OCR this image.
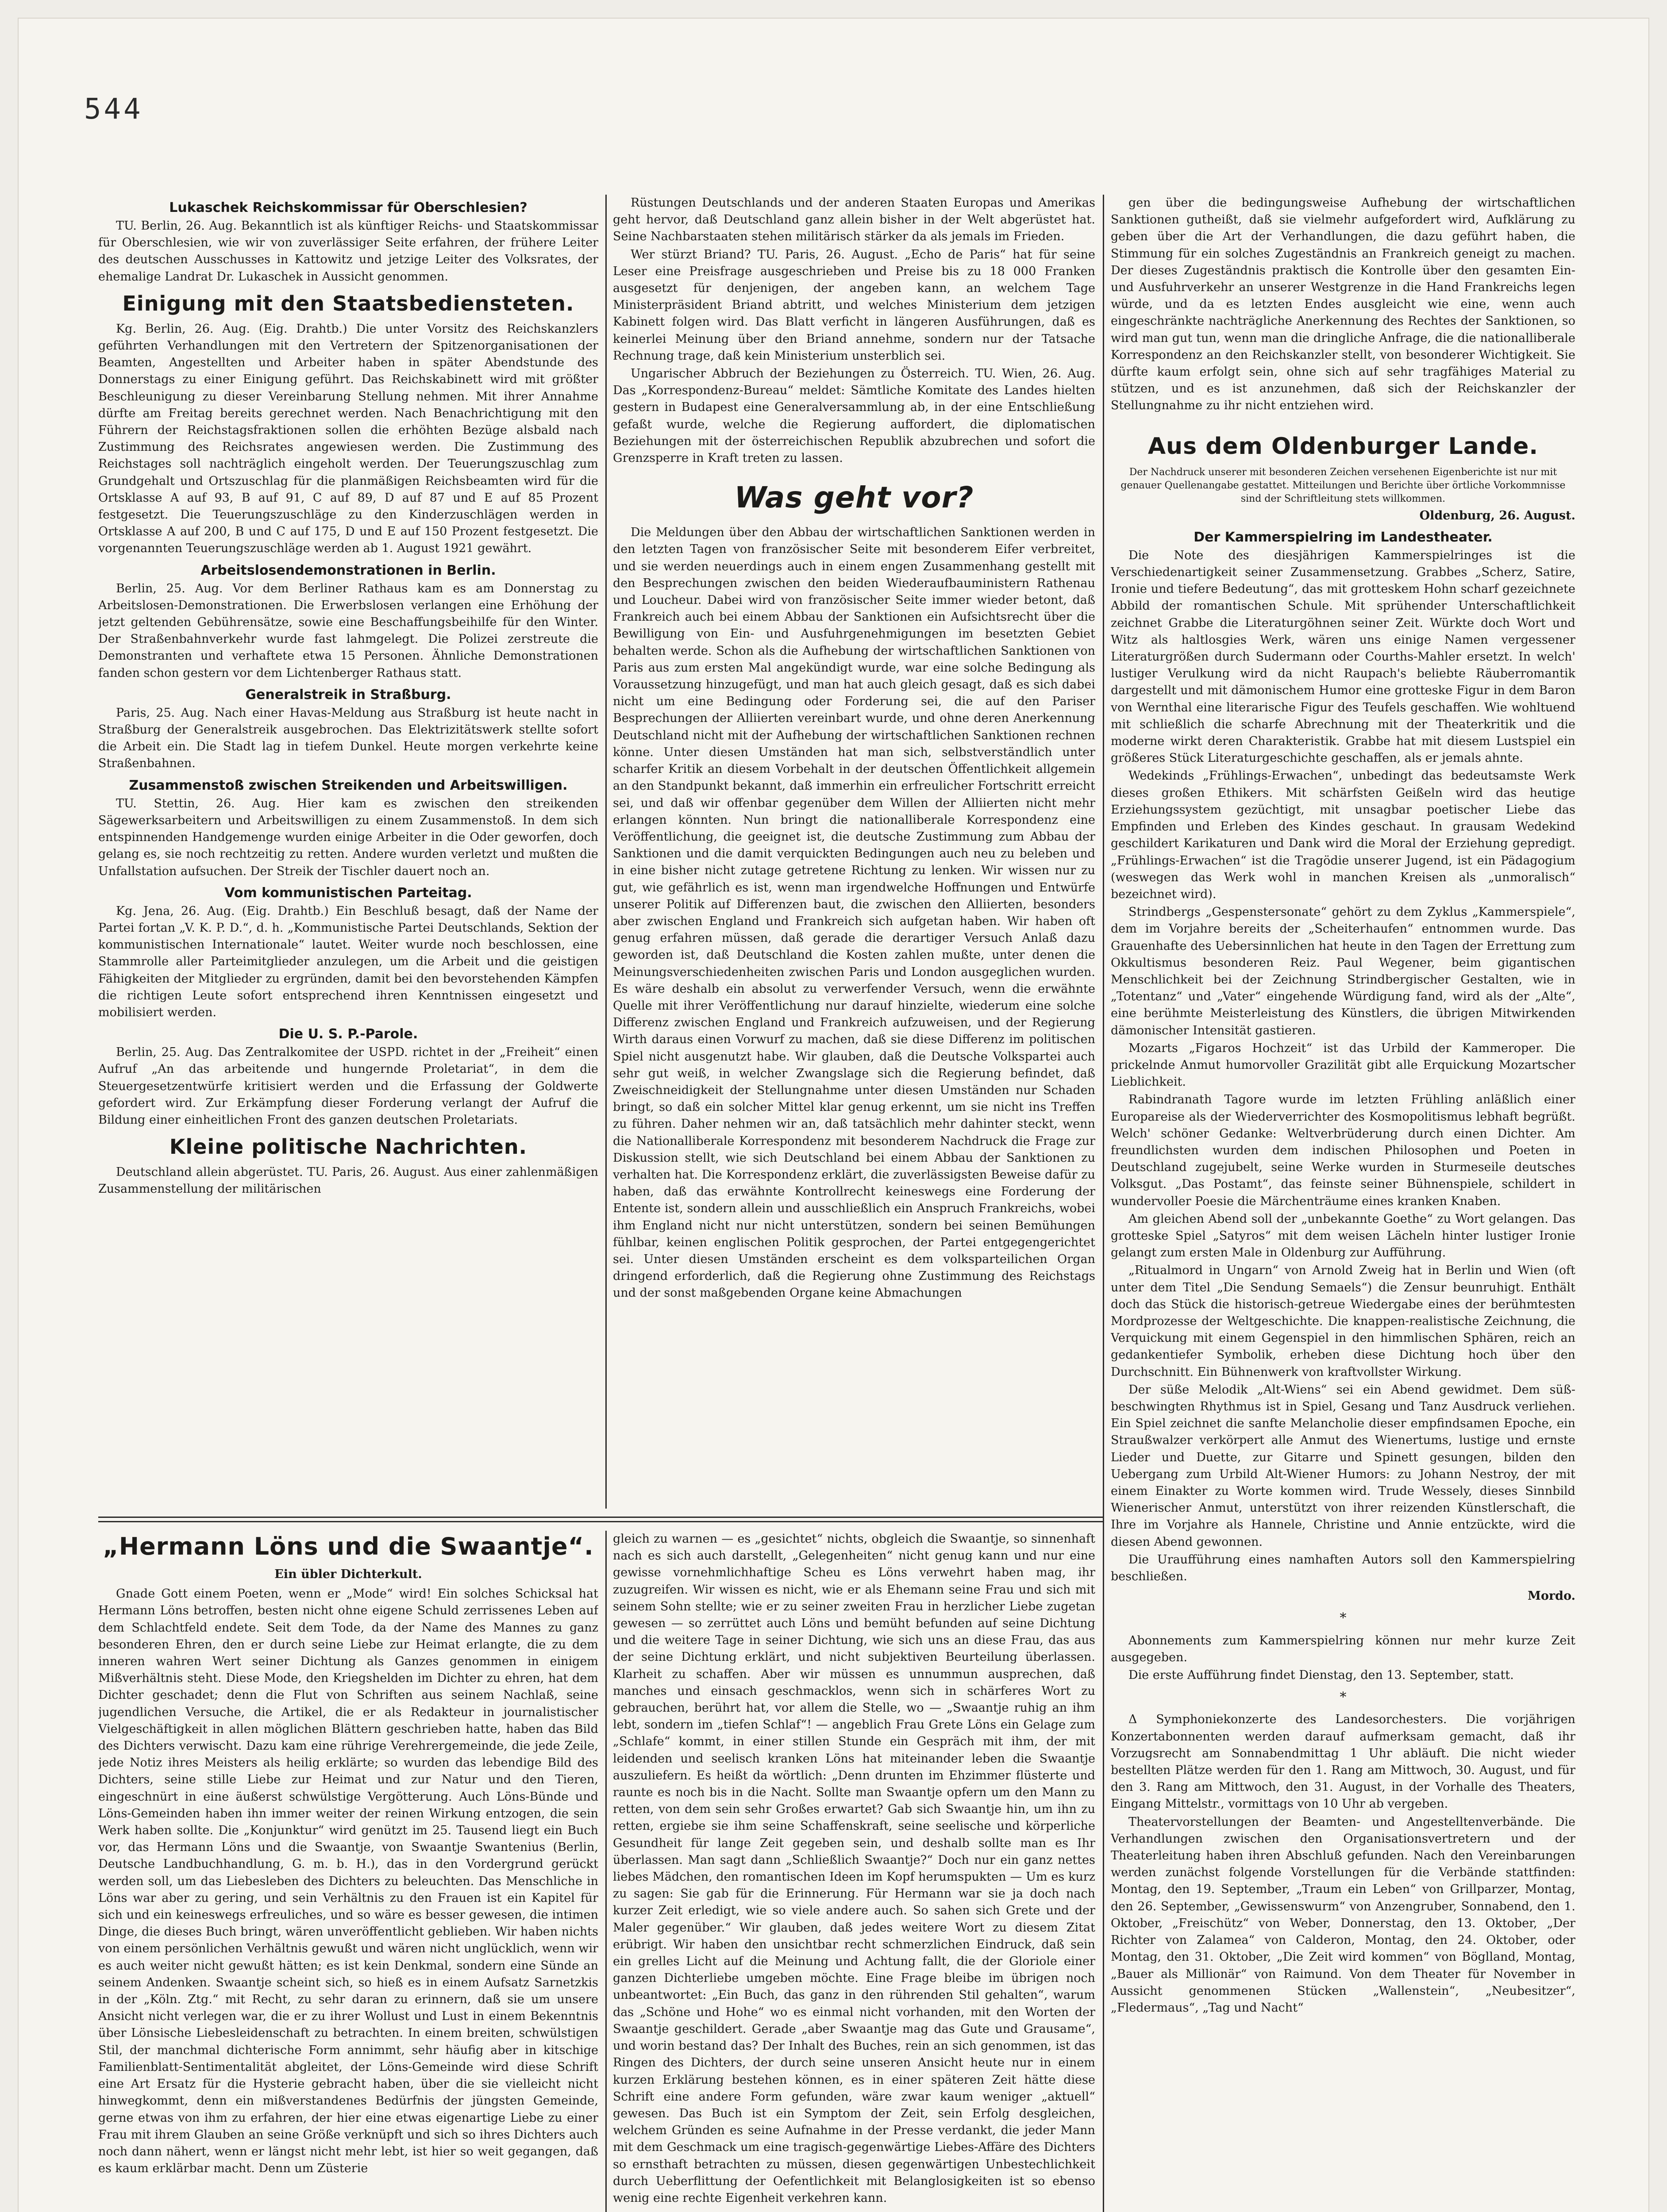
544
Lukaschek Reichskommissar für Oberschlesien?

TU. Berlin, 26. Aug. Bekanntlich ist als künftiger Reichs- und Staatskommissar für Oberschlesien, wie wir von zuverlässiger Seite erfahren, der frühere Leiter des deutschen Ausschusses in Kattowitz und jetzige Leiter des Volksrates, der ehemalige Landrat Dr. Lukaschek in Aussicht genommen.

Einigung mit den Staatsbediensteten.

Kg. Berlin, 26. Aug. (Eig. Drahtb.) Die unter Vorsitz des Reichskanzlers geführten Verhandlungen mit den Vertretern der Spitzenorganisationen der Beamten, Angestellten und Arbeiter haben in später Abendstunde des Donnerstags zu einer Einigung geführt. Das Reichskabinett wird mit größter Beschleunigung zu dieser Vereinbarung Stellung nehmen. Mit ihrer Annahme dürfte am Freitag bereits gerechnet werden. Nach Benachrichtigung mit den Führern der Reichstagsfraktionen sollen die erhöhten Bezüge alsbald nach Zustimmung des Reichsrates angewiesen werden. Die Zustimmung des Reichstages soll nachträglich eingeholt werden. Der Teuerungszuschlag zum Grundgehalt und Ortszuschlag für die planmäßigen Reichsbeamten wird für die Ortsklasse A auf 93, B auf 91, C auf 89, D auf 87 und E auf 85 Prozent festgesetzt. Die Teuerungszuschläge zu den Kinderzuschlägen werden in Ortsklasse A auf 200, B und C auf 175, D und E auf 150 Prozent festgesetzt. Die vorgenannten Teuerungszuschläge werden ab 1. August 1921 gewährt.

Arbeitslosendemonstrationen in Berlin.

Berlin, 25. Aug. Vor dem Berliner Rathaus kam es am Donnerstag zu Arbeitslosen-Demonstrationen. Die Erwerbslosen verlangen eine Erhöhung der jetzt geltenden Gebührensätze, sowie eine Beschaffungsbeihilfe für den Winter. Der Straßenbahnverkehr wurde fast lahmgelegt. Die Polizei zerstreute die Demonstranten und verhaftete etwa 15 Personen. Ähnliche Demonstrationen fanden schon gestern vor dem Lichtenberger Rathaus statt.

Generalstreik in Straßburg.

Paris, 25. Aug. Nach einer Havas-Meldung aus Straßburg ist heute nacht in Straßburg der Generalstreik ausgebrochen. Das Elektrizitätswerk stellte sofort die Arbeit ein. Die Stadt lag in tiefem Dunkel. Heute morgen verkehrte keine Straßenbahnen.

Zusammenstoß zwischen Streikenden und Arbeitswilligen.

TU. Stettin, 26. Aug. Hier kam es zwischen den streikenden Sägewerksarbeitern und Arbeitswilligen zu einem Zusammenstoß. In dem sich entspinnenden Handgemenge wurden einige Arbeiter in die Oder geworfen, doch gelang es, sie noch rechtzeitig zu retten. Andere wurden verletzt und mußten die Unfallstation aufsuchen. Der Streik der Tischler dauert noch an.

Vom kommunistischen Parteitag.

Kg. Jena, 26. Aug. (Eig. Drahtb.) Ein Beschluß besagt, daß der Name der Partei fortan „V. K. P. D.“, d. h. „Kommunistische Partei Deutschlands, Sektion der kommunistischen Internationale“ lautet. Weiter wurde noch beschlossen, eine Stammrolle aller Parteimitglieder anzulegen, um die Arbeit und die geistigen Fähigkeiten der Mitglieder zu ergründen, damit bei den bevorstehenden Kämpfen die richtigen Leute sofort entsprechend ihren Kenntnissen eingesetzt und mobilisiert werden.

Die U. S. P.-Parole.

Berlin, 25. Aug. Das Zentralkomitee der USPD. richtet in der „Freiheit“ einen Aufruf „An das arbeitende und hungernde Proletariat“, in dem die Steuergesetzentwürfe kritisiert werden und die Erfassung der Goldwerte gefordert wird. Zur Erkämpfung dieser Forderung verlangt der Aufruf die Bildung einer einheitlichen Front des ganzen deutschen Proletariats.

Kleine politische Nachrichten.

Deutschland allein abgerüstet. TU. Paris, 26. August. Aus einer zahlenmäßigen Zusammenstellung der militärischen

Rüstungen Deutschlands und der anderen Staaten Europas und Amerikas geht hervor, daß Deutschland ganz allein bisher in der Welt abgerüstet hat. Seine Nachbarstaaten stehen militärisch stärker da als jemals im Frieden.

Wer stürzt Briand? TU. Paris, 26. August. „Echo de Paris“ hat für seine Leser eine Preisfrage ausgeschrieben und Preise bis zu 18 000 Franken ausgesetzt für denjenigen, der angeben kann, an welchem Tage Ministerpräsident Briand abtritt, und welches Ministerium dem jetzigen Kabinett folgen wird. Das Blatt verficht in längeren Ausführungen, daß es keinerlei Meinung über den Briand annehme, sondern nur der Tatsache Rechnung trage, daß kein Ministerium unsterblich sei.

Ungarischer Abbruch der Beziehungen zu Österreich. TU. Wien, 26. Aug. Das „Korrespondenz-Bureau“ meldet: Sämtliche Komitate des Landes hielten gestern in Budapest eine Generalversammlung ab, in der eine Entschließung gefaßt wurde, welche die Regierung auffordert, die diplomatischen Beziehungen mit der österreichischen Republik abzubrechen und sofort die Grenzsperre in Kraft treten zu lassen.

Was geht vor?

Die Meldungen über den Abbau der wirtschaftlichen Sanktionen werden in den letzten Tagen von französischer Seite mit besonderem Eifer verbreitet, und sie werden neuerdings auch in einem engen Zusammenhang gestellt mit den Besprechungen zwischen den beiden Wiederaufbauministern Rathenau und Loucheur. Dabei wird von französischer Seite immer wieder betont, daß Frankreich auch bei einem Abbau der Sanktionen ein Aufsichtsrecht über die Bewilligung von Ein- und Ausfuhrgenehmigungen im besetzten Gebiet behalten werde. Schon als die Aufhebung der wirtschaftlichen Sanktionen von Paris aus zum ersten Mal angekündigt wurde, war eine solche Bedingung als Voraussetzung hinzugefügt, und man hat auch gleich gesagt, daß es sich dabei nicht um eine Bedingung oder Forderung sei, die auf den Pariser Besprechungen der Alliierten vereinbart wurde, und ohne deren Anerkennung Deutschland nicht mit der Aufhebung der wirtschaftlichen Sanktionen rechnen könne. Unter diesen Umständen hat man sich, selbstverständlich unter scharfer Kritik an diesem Vorbehalt in der deutschen Öffentlichkeit allgemein an den Standpunkt bekannt, daß immerhin ein erfreulicher Fortschritt erreicht sei, und daß wir offenbar gegenüber dem Willen der Alliierten nicht mehr erlangen könnten. Nun bringt die nationalliberale Korrespondenz eine Veröffentlichung, die geeignet ist, die deutsche Zustimmung zum Abbau der Sanktionen und die damit verquickten Bedingungen auch neu zu beleben und in eine bisher nicht zutage getretene Richtung zu lenken. Wir wissen nur zu gut, wie gefährlich es ist, wenn man irgendwelche Hoffnungen und Entwürfe unserer Politik auf Differenzen baut, die zwischen den Alliierten, besonders aber zwischen England und Frankreich sich aufgetan haben. Wir haben oft genug erfahren müssen, daß gerade die derartiger Versuch Anlaß dazu geworden ist, daß Deutschland die Kosten zahlen mußte, unter denen die Meinungsverschiedenheiten zwischen Paris und London ausgeglichen wurden. Es wäre deshalb ein absolut zu verwerfender Versuch, wenn die erwähnte Quelle mit ihrer Veröffentlichung nur darauf hinzielte, wiederum eine solche Differenz zwischen England und Frankreich aufzuweisen, und der Regierung Wirth daraus einen Vorwurf zu machen, daß sie diese Differenz im politischen Spiel nicht ausgenutzt habe. Wir glauben, daß die Deutsche Volkspartei auch sehr gut weiß, in welcher Zwangslage sich die Regierung befindet, daß Zweischneidigkeit der Stellungnahme unter diesen Umständen nur Schaden bringt, so daß ein solcher Mittel klar genug erkennt, um sie nicht ins Treffen zu führen. Daher nehmen wir an, daß tatsächlich mehr dahinter steckt, wenn die Nationalliberale Korrespondenz mit besonderem Nachdruck die Frage zur Diskussion stellt, wie sich Deutschland bei einem Abbau der Sanktionen zu verhalten hat. Die Korrespondenz erklärt, die zuverlässigsten Beweise dafür zu haben, daß das erwähnte Kontrollrecht keineswegs eine Forderung der Entente ist, sondern allein und ausschließlich ein Anspruch Frankreichs, wobei ihm England nicht nur nicht unterstützen, sondern bei seinen Bemühungen fühlbar, keinen englischen Politik gesprochen, der Partei entgegengerichtet sei. Unter diesen Umständen erscheint es dem volksparteilichen Organ dringend erforderlich, daß die Regierung ohne Zustimmung des Reichstags und der sonst maßgebenden Organe keine Abmachungen

gen über die bedingungsweise Aufhebung der wirtschaftlichen Sanktionen gutheißt, daß sie vielmehr aufgefordert wird, Aufklärung zu geben über die Art der Verhandlungen, die dazu geführt haben, die Stimmung für ein solches Zugeständnis an Frankreich geneigt zu machen. Der dieses Zugeständnis praktisch die Kontrolle über den gesamten Ein- und Ausfuhrverkehr an unserer Westgrenze in die Hand Frankreichs legen würde, und da es letzten Endes ausgleicht wie eine, wenn auch eingeschränkte nachträgliche Anerkennung des Rechtes der Sanktionen, so wird man gut tun, wenn man die dringliche Anfrage, die die nationalliberale Korrespondenz an den Reichskanzler stellt, von besonderer Wichtigkeit. Sie dürfte kaum erfolgt sein, ohne sich auf sehr tragfähiges Material zu stützen, und es ist anzunehmen, daß sich der Reichskanzler der Stellungnahme zu ihr nicht entziehen wird.

Aus dem Oldenburger Lande.
Der Nachdruck unserer mit besonderen Zeichen versehenen Eigenberichte ist nur mit genauer Quellenangabe gestattet. Mitteilungen und Berichte über örtliche Vorkommnisse sind der Schriftleitung stets willkommen.
Oldenburg, 26. August.
Der Kammerspielring im Landestheater.

Die Note des diesjährigen Kammerspielringes ist die Verschiedenartigkeit seiner Zusammensetzung. Grabbes „Scherz, Satire, Ironie und tiefere Bedeutung“, das mit grotteskem Hohn scharf gezeichnete Abbild der romantischen Schule. Mit sprühender Unterschaftlichkeit zeichnet Grabbe die Literaturgöhnen seiner Zeit. Würkte doch Wort und Witz als haltlosgies Werk, wären uns einige Namen vergessener Literaturgrößen durch Sudermann oder Courths-Mahler ersetzt. In welch' lustiger Verulkung wird da nicht Raupach's beliebte Räuberromantik dargestellt und mit dämonischem Humor eine grotteske Figur in dem Baron von Wernthal eine literarische Figur des Teufels geschaffen. Wie wohltuend mit schließlich die scharfe Abrechnung mit der Theaterkritik und die moderne wirkt deren Charakteristik. Grabbe hat mit diesem Lustspiel ein größeres Stück Literaturgeschichte geschaffen, als er jemals ahnte.

Wedekinds „Frühlings-Erwachen“, unbedingt das bedeutsamste Werk dieses großen Ethikers. Mit schärfsten Geißeln wird das heutige Erziehungssystem gezüchtigt, mit unsagbar poetischer Liebe das Empfinden und Erleben des Kindes geschaut. In grausam Wedekind geschildert Karikaturen und Dank wird die Moral der Erziehung gepredigt. „Frühlings-Erwachen“ ist die Tragödie unserer Jugend, ist ein Pädagogium (weswegen das Werk wohl in manchen Kreisen als „unmoralisch“ bezeichnet wird).

Strindbergs „Gespenstersonate“ gehört zu dem Zyklus „Kammerspiele“, dem im Vorjahre bereits der „Scheiterhaufen“ entnommen wurde. Das Grauenhafte des Uebersinnlichen hat heute in den Tagen der Errettung zum Okkultismus besonderen Reiz. Paul Wegener, beim gigantischen Menschlichkeit bei der Zeichnung Strindbergischer Gestalten, wie in „Totentanz“ und „Vater“ eingehende Würdigung fand, wird als der „Alte“, eine berühmte Meisterleistung des Künstlers, die übrigen Mitwirkenden dämonischer Intensität gastieren.

Mozarts „Figaros Hochzeit“ ist das Urbild der Kammeroper. Die prickelnde Anmut humorvoller Grazilität gibt alle Erquickung Mozartscher Lieblichkeit.

Rabindranath Tagore wurde im letzten Frühling anläßlich einer Europareise als der Wiederverrichter des Kosmopolitismus lebhaft begrüßt. Welch' schöner Gedanke: Weltverbrüderung durch einen Dichter. Am freundlichsten wurden dem indischen Philosophen und Poeten in Deutschland zugejubelt, seine Werke wurden in Sturmeseile deutsches Volksgut. „Das Postamt“, das feinste seiner Bühnenspiele, schildert in wundervoller Poesie die Märchenträume eines kranken Knaben.

Am gleichen Abend soll der „unbekannte Goethe“ zu Wort gelangen. Das grotteske Spiel „Satyros“ mit dem weisen Lächeln hinter lustiger Ironie gelangt zum ersten Male in Oldenburg zur Aufführung.

„Ritualmord in Ungarn“ von Arnold Zweig hat in Berlin und Wien (oft unter dem Titel „Die Sendung Semaels“) die Zensur beunruhigt. Enthält doch das Stück die historisch-getreue Wiedergabe eines der berühmtesten Mordprozesse der Weltgeschichte. Die knappen-realistische Zeichnung, die Verquickung mit einem Gegenspiel in den himmlischen Sphären, reich an gedankentiefer Symbolik, erheben diese Dichtung hoch über den Durchschnitt. Ein Bühnenwerk von kraftvollster Wirkung.

Der süße Melodik „Alt-Wiens“ sei ein Abend gewidmet. Dem süß-beschwingten Rhythmus ist in Spiel, Gesang und Tanz Ausdruck verliehen. Ein Spiel zeichnet die sanfte Melancholie dieser empfindsamen Epoche, ein Straußwalzer verkörpert alle Anmut des Wienertums, lustige und ernste Lieder und Duette, zur Gitarre und Spinett gesungen, bilden den Uebergang zum Urbild Alt-Wiener Humors: zu Johann Nestroy, der mit einem Einakter zu Worte kommen wird. Trude Wessely, dieses Sinnbild Wienerischer Anmut, unterstützt von ihrer reizenden Künstlerschaft, die Ihre im Vorjahre als Hannele, Christine und Annie entzückte, wird die diesen Abend gewonnen.

Die Uraufführung eines namhaften Autors soll den Kammerspielring beschließen.

Mordo.
*

Abonnements zum Kammerspielring können nur mehr kurze Zeit ausgegeben.

Die erste Aufführung findet Dienstag, den 13. September, statt.

*

Δ Symphoniekonzerte des Landesorchesters. Die vorjährigen Konzertabonnenten werden darauf aufmerksam gemacht, daß ihr Vorzugsrecht am Sonnabendmittag 1 Uhr abläuft. Die nicht wieder bestellten Plätze werden für den 1. Rang am Mittwoch, 30. August, und für den 3. Rang am Mittwoch, den 31. August, in der Vorhalle des Theaters, Eingang Mittelstr., vormittags von 10 Uhr ab vergeben.

Theatervorstellungen der Beamten- und Angestelltenverbände. Die Verhandlungen zwischen den Organisationsvertretern und der Theaterleitung haben ihren Abschluß gefunden. Nach den Vereinbarungen werden zunächst folgende Vorstellungen für die Verbände stattfinden: Montag, den 19. September, „Traum ein Leben“ von Grillparzer, Montag, den 26. September, „Gewissenswurm“ von Anzengruber, Sonnabend, den 1. Oktober, „Freischütz“ von Weber, Donnerstag, den 13. Oktober, „Der Richter von Zalamea“ von Calderon, Montag, den 24. Oktober, oder Montag, den 31. Oktober, „Die Zeit wird kommen“ von Böglland, Montag, „Bauer als Millionär“ von Raimund. Von dem Theater für November in Aussicht genommenen Stücken „Wallenstein“, „Neubesitzer“, „Fledermaus“, „Tag und Nacht“

„Hermann Löns und die Swaantje“.
Ein übler Dichterkult.

Gnade Gott einem Poeten, wenn er „Mode“ wird! Ein solches Schicksal hat Hermann Löns betroffen, besten nicht ohne eigene Schuld zerrissenes Leben auf dem Schlachtfeld endete. Seit dem Tode, da der Name des Mannes zu ganz besonderen Ehren, den er durch seine Liebe zur Heimat erlangte, die zu dem inneren wahren Wert seiner Dichtung als Ganzes genommen in einigem Mißverhältnis steht. Diese Mode, den Kriegshelden im Dichter zu ehren, hat dem Dichter geschadet; denn die Flut von Schriften aus seinem Nachlaß, seine jugendlichen Versuche, die Artikel, die er als Redakteur in journalistischer Vielgeschäftigkeit in allen möglichen Blättern geschrieben hatte, haben das Bild des Dichters verwischt. Dazu kam eine rührige Verehrergemeinde, die jede Zeile, jede Notiz ihres Meisters als heilig erklärte; so wurden das lebendige Bild des Dichters, seine stille Liebe zur Heimat und zur Natur und den Tieren, eingeschnürt in eine äußerst schwülstige Vergötterung. Auch Löns-Bünde und Löns-Gemeinden haben ihn immer weiter der reinen Wirkung entzogen, die sein Werk haben sollte. Die „Konjunktur“ wird genützt im 25. Tausend liegt ein Buch vor, das Hermann Löns und die Swaantje, von Swaantje Swantenius (Berlin, Deutsche Landbuchhandlung, G. m. b. H.), das in den Vordergrund gerückt werden soll, um das Liebesleben des Dichters zu beleuchten. Das Menschliche in Löns war aber zu gering, und sein Verhältnis zu den Frauen ist ein Kapitel für sich und ein keineswegs erfreuliches, und so wäre es besser gewesen, die intimen Dinge, die dieses Buch bringt, wären unveröffentlicht geblieben. Wir haben nichts von einem persönlichen Verhältnis gewußt und wären nicht unglücklich, wenn wir es auch weiter nicht gewußt hätten; es ist kein Denkmal, sondern eine Sünde an seinem Andenken. Swaantje scheint sich, so hieß es in einem Aufsatz Sarnetzkis in der „Köln. Ztg.“ mit Recht, zu sehr daran zu erinnern, daß sie um unsere Ansicht nicht verlegen war, die er zu ihrer Wollust und Lust in einem Bekenntnis über Lönsische Liebesleidenschaft zu betrachten. In einem breiten, schwülstigen Stil, der manchmal dichterische Form annimmt, sehr häufig aber in kitschige Familienblatt-Sentimentalität abgleitet, der Löns-Gemeinde wird diese Schrift eine Art Ersatz für die Hysterie gebracht haben, über die sie vielleicht nicht hinwegkommt, denn ein mißverstandenes Bedürfnis der jüngsten Gemeinde, gerne etwas von ihm zu erfahren, der hier eine etwas eigenartige Liebe zu einer Frau mit ihrem Glauben an seine Größe verknüpft und sich so ihres Dichters auch noch dann nähert, wenn er längst nicht mehr lebt, ist hier so weit gegangen, daß es kaum erklärbar macht. Denn um Züsterie

gleich zu warnen — es „gesichtet“ nichts, obgleich die Swaantje, so sinnenhaft nach es sich auch darstellt, „Gelegenheiten“ nicht genug kann und nur eine gewisse vornehmlichhaftige Scheu es Löns verwehrt haben mag, ihr zuzugreifen. Wir wissen es nicht, wie er als Ehemann seine Frau und sich mit seinem Sohn stellte; wie er zu seiner zweiten Frau in herzlicher Liebe zugetan gewesen — so zerrüttet auch Löns und bemüht befunden auf seine Dichtung und die weitere Tage in seiner Dichtung, wie sich uns an diese Frau, das aus der seine Dichtung erklärt, und nicht subjektiven Beurteilung überlassen. Klarheit zu schaffen. Aber wir müssen es unnummun ausprechen, daß manches und einsach geschmacklos, wenn sich in schärferes Wort zu gebrauchen, berührt hat, vor allem die Stelle, wo — „Swaantje ruhig an ihm lebt, sondern im „tiefen Schlaf“! — angeblich Frau Grete Löns ein Gelage zum „Schlafe“ kommt, in einer stillen Stunde ein Gespräch mit ihm, der mit leidenden und seelisch kranken Löns hat miteinander leben die Swaantje auszuliefern. Es heißt da wörtlich: „Denn drunten im Ehzimmer flüsterte und raunte es noch bis in die Nacht. Sollte man Swaantje opfern um den Mann zu retten, von dem sein sehr Großes erwartet? Gab sich Swaantje hin, um ihn zu retten, ergiebe sie ihm seine Schaffenskraft, seine seelische und körperliche Gesundheit für lange Zeit gegeben sein, und deshalb sollte man es Ihr überlassen. Man sagt dann „Schließlich Swaantje?“ Doch nur ein ganz nettes liebes Mädchen, den romantischen Ideen im Kopf herumspukten — Um es kurz zu sagen: Sie gab für die Erinnerung. Für Hermann war sie ja doch nach kurzer Zeit erledigt, wie so viele andere auch. So sahen sich Grete und der Maler gegenüber.“ Wir glauben, daß jedes weitere Wort zu diesem Zitat erübrigt. Wir haben den unsichtbar recht schmerzlichen Eindruck, daß sein ein grelles Licht auf die Meinung und Achtung fallt, die der Gloriole einer ganzen Dichterliebe umgeben möchte. Eine Frage bleibe im übrigen noch unbeantwortet: „Ein Buch, das ganz in den rührenden Stil gehalten“, warum das „Schöne und Hohe“ wo es einmal nicht vorhanden, mit den Worten der Swaantje geschildert. Gerade „aber Swaantje mag das Gute und Grausame“, und worin bestand das? Der Inhalt des Buches, rein an sich genommen, ist das Ringen des Dichters, der durch seine unseren Ansicht heute nur in einem kurzen Erklärung bestehen können, es in einer späteren Zeit hätte diese Schrift eine andere Form gefunden, wäre zwar kaum weniger „aktuell“ gewesen. Das Buch ist ein Symptom der Zeit, sein Erfolg desgleichen, welchem Gründen es seine Aufnahme in der Presse verdankt, die jeder Mann mit dem Geschmack um eine tragisch-gegenwärtige Liebes-Affäre des Dichters so ernsthaft betrachten zu müssen, diesen gegenwärtigen Unbestechlichkeit durch Ueberflittung der Oefentlichkeit mit Belanglosigkeiten ist so ebenso wenig eine rechte Eigenheit verkehren kann.
